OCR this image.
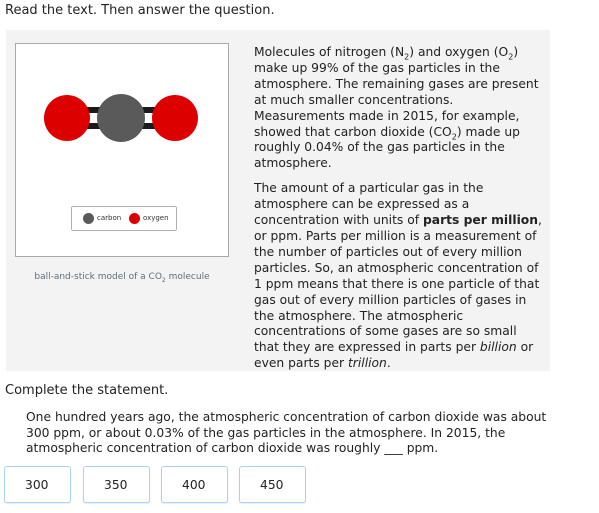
Read the text. Then answer the question.
carbon	oxygen
ball-and-stick model of a $CO_2$ molecule

Molecules of nitrogen $(N_2)$ and oxygen $(O_2)$ make up 99% of the gas particles in the atmosphere. The remaining gases are present at much smaller concentrations. Measurements made in 2015, for example, showed that carbon dioxide $(CO_2)$ made up roughly 0.04% of the gas particles in the atmosphere.

The amount of a particular gas in the atmosphere can be expressed as a concentration with units of parts per million, or ppm. Parts per million is a measurement of the number of particles out of every million particles. So, an atmospheric concentration of 1 ppm means that there is one particle of that gas out of every million particles of gases in the atmosphere. The atmospheric concentrations of some gases are so small that they are expressed in parts per billion or even parts per trillion.

Complete the statement.
One hundred years ago, the atmospheric concentration of carbon dioxide was about 300 ppm, or about 0.03% of the gas particles in the atmosphere. In 2015, the atmospheric concentration of carbon dioxide was roughly ___ ppm.
300	350	400	450
